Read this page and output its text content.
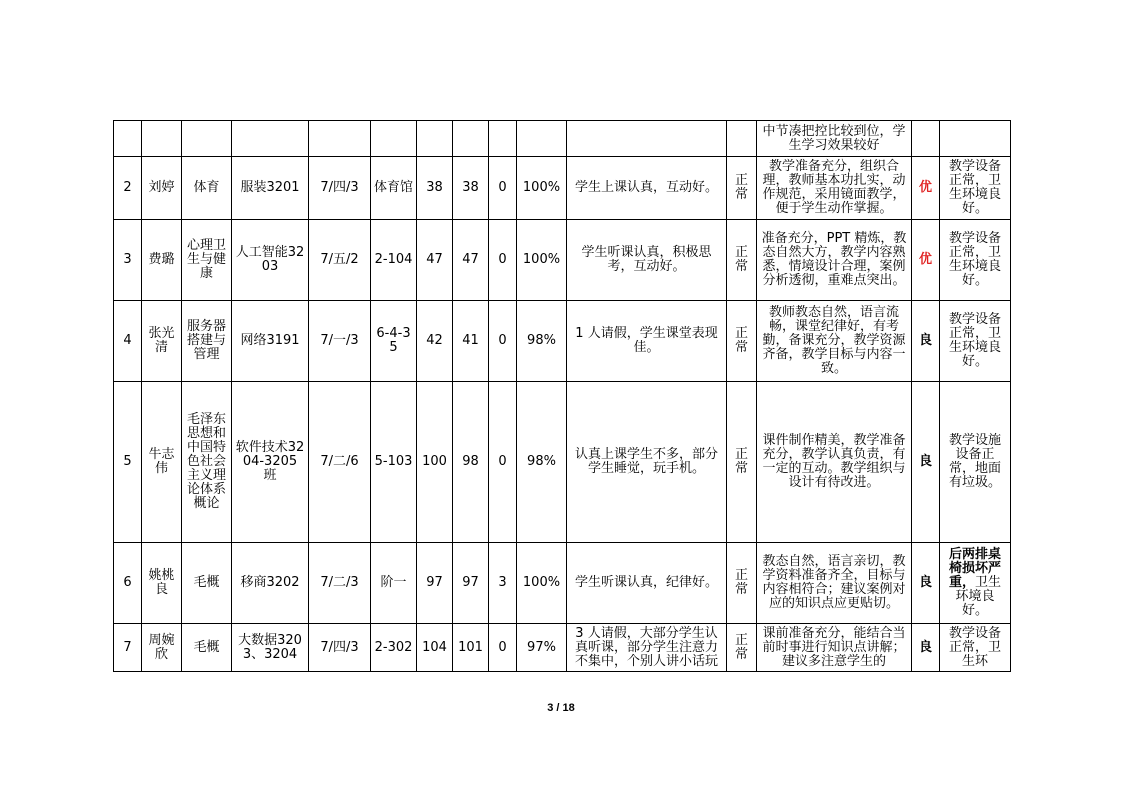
												中节凑把控比较到位，学生学习效果较好		
2	刘婷	体育	服装3201	7/四/3	体育馆	38	38	0	100%	学生上课认真，互动好。	正常	教学准备充分，组织合理，教师基本功扎实，动作规范，采用镜面教学，便于学生动作掌握。	优	教学设备正常，卫生环境良好。
3	费璐	心理卫生与健康	人工智能3203	7/五/2	2-104	47	47	0	100%	学生听课认真，积极思考，互动好。	正常	准备充分，PPT 精炼，教态自然大方，教学内容熟悉，情境设计合理，案例分析透彻，重难点突出。	优	教学设备正常，卫生环境良好。
4	张光清	服务器搭建与管理	网络3191	7/一/3	6-4-35	42	41	0	98%	1 人请假，学生课堂表现佳。	正常	教师教态自然，语言流畅，课堂纪律好，有考勤，备课充分，教学资源齐备，教学目标与内容一致。	良	教学设备正常，卫生环境良好。
5	牛志伟	毛泽东思想和中国特色社会主义理论体系概论	软件技术3204-3205 班	7/二/6	5-103	100	98	0	98%	认真上课学生不多，部分学生睡觉，玩手机。	正常	课件制作精美，教学准备充分，教学认真负责，有一定的互动。教学组织与设计有待改进。	良	教学设施设备正常，地面有垃圾。
6	姚桃良	毛概	移商3202	7/二/3	阶一	97	97	3	100%	学生听课认真，纪律好。	正常	教态自然，语言亲切，教学资料准备齐全，目标与内容相符合；建议案例对应的知识点应更贴切。	良	后两排桌椅损坏严重，卫生环境良好。
7	周婉欣	毛概	大数据3203、3204	7/四/3	2-302	104	101	0	97%	3 人请假，大部分学生认真听课，部分学生注意力不集中，个别人讲小话玩	正常	课前准备充分，能结合当前时事进行知识点讲解；建议多注意学生的	良	教学设备正常，卫生环
3 / 18
